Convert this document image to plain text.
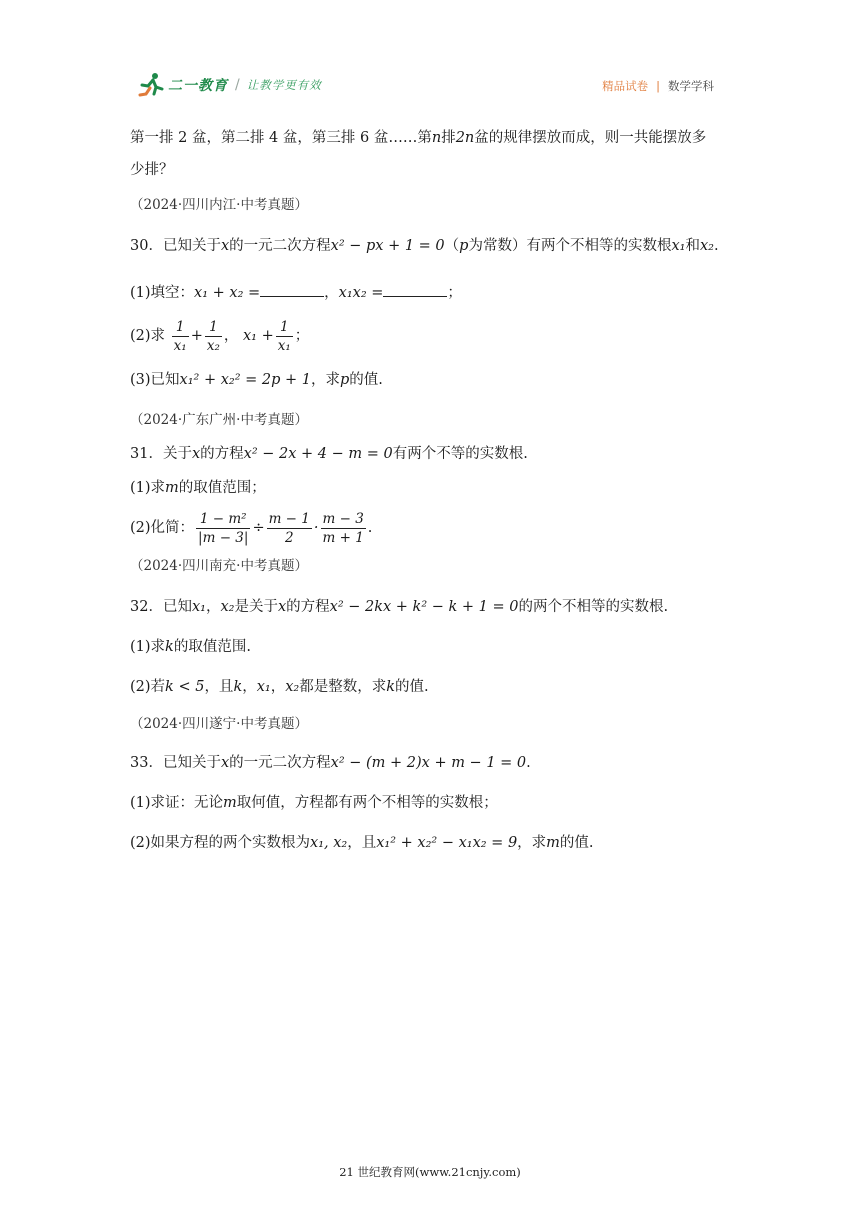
二一教育 / 让教学更有效	精品试卷 | 数学学科
第一排 2 盆，第二排 4 盆，第三排 6 盆……第n排2n盆的规律摆放而成，则一共能摆放多
少排？
（2024·四川内江·中考真题）
30．已知关于x的一元二次方程x² − px + 1 = 0（p为常数）有两个不相等的实数根x₁和x₂.
(1)填空：x₁ + x₂ =	，x₁x₂ =	；
(2)求 $\frac{1}{\text{x₁}} + \frac{1}{\text{x₂}}$ ， $x_1 + \frac{1}{\text{x₁}}$ ；
(3)已知x₁² + x₂² = 2p + 1，求p的值.
（2024·广东广州·中考真题）
31．关于x的方程x² − 2x + 4 − m = 0有两个不等的实数根.
(1)求m的取值范围；
(2)化简： $\frac{\text{1 − m²}}{|m - 3|} \div \frac{m - 1}{2} \cdot \frac{m - 3}{m + 1}$ .
（2024·四川南充·中考真题）
32．已知x₁，x₂是关于x的方程x² − 2kx + k² − k + 1 = 0的两个不相等的实数根.
(1)求k的取值范围.
(2)若k < 5，且k，x₁，x₂都是整数，求k的值.
（2024·四川遂宁·中考真题）
33．已知关于x的一元二次方程x² − (m + 2)x + m − 1 = 0.
(1)求证：无论m取何值，方程都有两个不相等的实数根；
(2)如果方程的两个实数根为x₁, x₂，且x₁² + x₂² − x₁x₂ = 9，求m的值.
21 世纪教育网(www.21cnjy.com)
